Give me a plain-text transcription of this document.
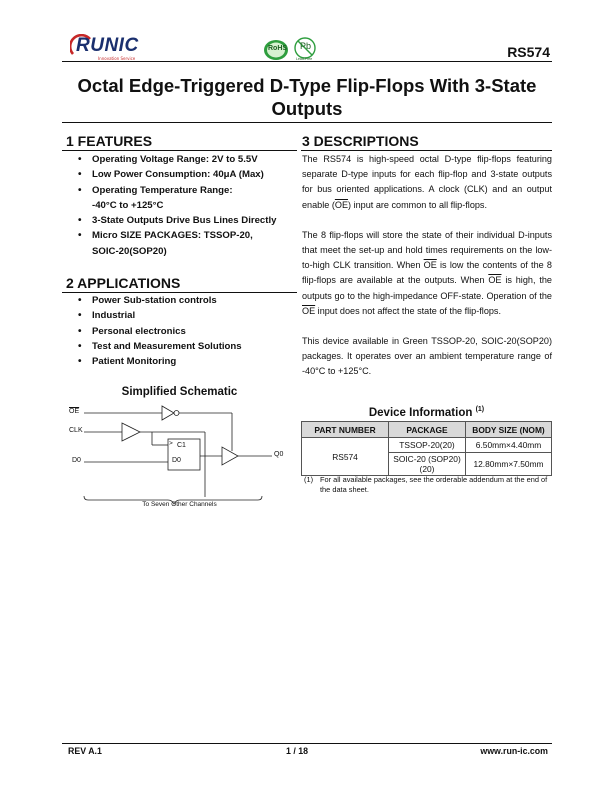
RUNIC
Innovation Service
RoHS Pb
Lead-Free	RS574
Octal Edge-Triggered D-Type Flip-Flops With 3-State
Outputs
1 FEATURES
• Operating Voltage Range: 2V to 5.5V
• Low Power Consumption: 40μA (Max)
• Operating Temperature Range:
-40°C to +125°C
• 3-State Outputs Drive Bus Lines Directly
• Micro SIZE PACKAGES: TSSOP-20,
SOIC-20(SOP20)
2 APPLICATIONS
• Power Sub-station controls
• Industrial
• Personal electronics
• Test and Measurement Solutions
• Patient Monitoring
Simplified Schematic
$\overline{OE}$
CLK
D0
> C1
D0
Q0
To Seven Other Channels
3 DESCRIPTIONS

The RS574 is high-speed octal D-type flip-flops featuring separate D-type inputs for each flip-flop and 3-state outputs for bus oriented applications. A clock (CLK) and an output enable $(\overline{OE})$ input are common to all flip-flops.

The 8 flip-flops will store the state of their individual D-inputs that meet the set-up and hold times requirements on the low-to-high CLK transition. When $\overline{OE}$ is low the contents of the 8 flip-flops are available at the outputs. When $\overline{OE}$ is high, the outputs go to the high-impedance OFF-state. Operation of the $\overline{OE}$ input does not affect the state of the flip-flops.

This device available in Green TSSOP-20, SOIC-20(SOP20) packages. It operates over an ambient temperature range of -40°C to +125°C.

Device Information $^{(1)}$
PART NUMBER	PACKAGE	BODY SIZE (NOM)
RS574	TSSOP-20(20)	6.50mm×4.40mm
	SOIC-20 (SOP20)(20)	12.80mm×7.50mm
(1) For all available packages, see the orderable addendum at the end of the data sheet.
REV A.1	1 / 18	www.run-ic.com
